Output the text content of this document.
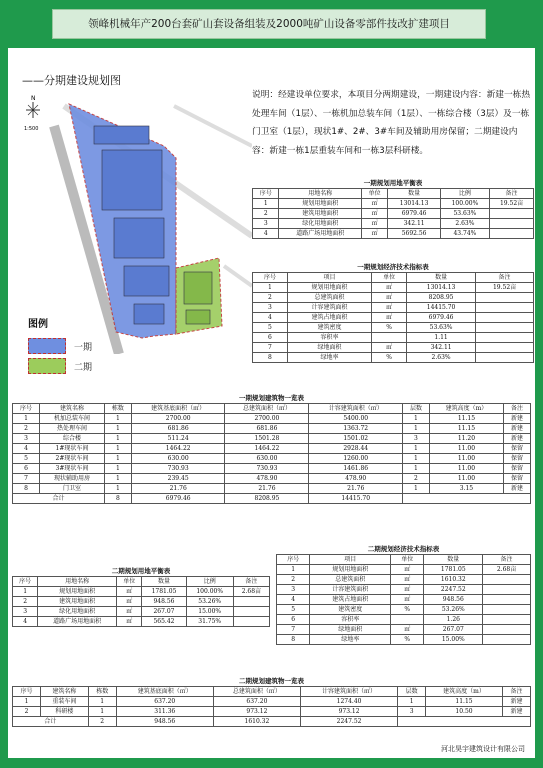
领峰机械年产200台套矿山套设备组装及2000吨矿山设备零部件技改扩建项目
——分期建设规划图
N
1:500
图例
一期
二期
说明：经建设单位要求，本项目分两期建设，一期建设内容：新建一栋热处理车间（1层）、一栋机加总装车间（1层）、一栋综合楼（3层）及一栋门卫室（1层），现状1#、2#、3#车间及辅助用房保留；二期建设内容：新建一栋1层重装车间和一栋3层科研楼。
一期规划用地平衡表
序号	用地名称	单位	数量	比例	备注
1	规划用地面积	㎡	13014.13	100.00%	19.52亩
2	建筑用地面积	㎡	6979.46	53.63%	
3	绿化用地面积	㎡	342.11	2.63%	
4	道路广场用地面积	㎡	5692.56	43.74%	
一期规划经济技术指标表
序号	项目	单位	数量	备注
1	规划用地面积	㎡	13014.13	19.52亩
2	总建筑面积	㎡	8208.95	
3	计容建筑面积	㎡	14415.70	
4	建筑占地面积	㎡	6979.46	
5	建筑密度	%	53.63%	
6	容积率		1.11	
7	绿地面积	㎡	342.11	
8	绿地率	%	2.63%	
一期规划建筑物一览表
序号	建筑名称	栋数	建筑基底面积（㎡）	总建筑面积（㎡）	计容建筑面积（㎡）	层数	建筑高度（m）	备注
1	机加总装车间	1	2700.00	2700.00	5400.00	1	11.15	新建
2	热处理车间	1	681.86	681.86	1363.72	1	11.15	新建
3	综合楼	1	511.24	1501.28	1501.02	3	11.20	新建
4	1#现状车间	1	1464.22	1464.22	2928.44	1	11.00	保留
5	2#现状车间	1	630.00	630.00	1260.00	1	11.00	保留
6	3#现状车间	1	730.93	730.93	1461.86	1	11.00	保留
7	现状辅助用房	1	239.45	478.90	478.90	2	11.00	保留
8	门卫室	1	21.76	21.76	21.76	1	3.15	新建
合计		8	6979.46	8208.95	14415.70			
二期规划经济技术指标表
序号	项目	单位	数量	备注
1	规划用地面积	㎡	1781.05	2.68亩
2	总建筑面积	㎡	1610.32	
3	计容建筑面积	㎡	2247.52	
4	建筑占地面积	㎡	948.56	
5	建筑密度	%	53.26%	
6	容积率		1.26	
7	绿地面积	㎡	267.07	
8	绿地率	%	15.00%	
二期规划用地平衡表
序号	用地名称	单位	数量	比例	备注
1	规划用地面积	㎡	1781.05	100.00%	2.68亩
2	建筑用地面积	㎡	948.56	53.26%	
3	绿化用地面积	㎡	267.07	15.00%	
4	道路广场用地面积	㎡	565.42	31.75%	
二期规划建筑物一览表
序号	建筑名称	栋数	建筑基底面积（㎡）	总建筑面积（㎡）	计容建筑面积（㎡）	层数	建筑高度（m）	备注
1	重装车间	1	637.20	637.20	1274.40	1	11.15	新建
2	科研楼	1	311.36	973.12	973.12	3	10.50	新建
合计		2	948.56	1610.32	2247.52			
河北昊宇建筑设计有限公司
